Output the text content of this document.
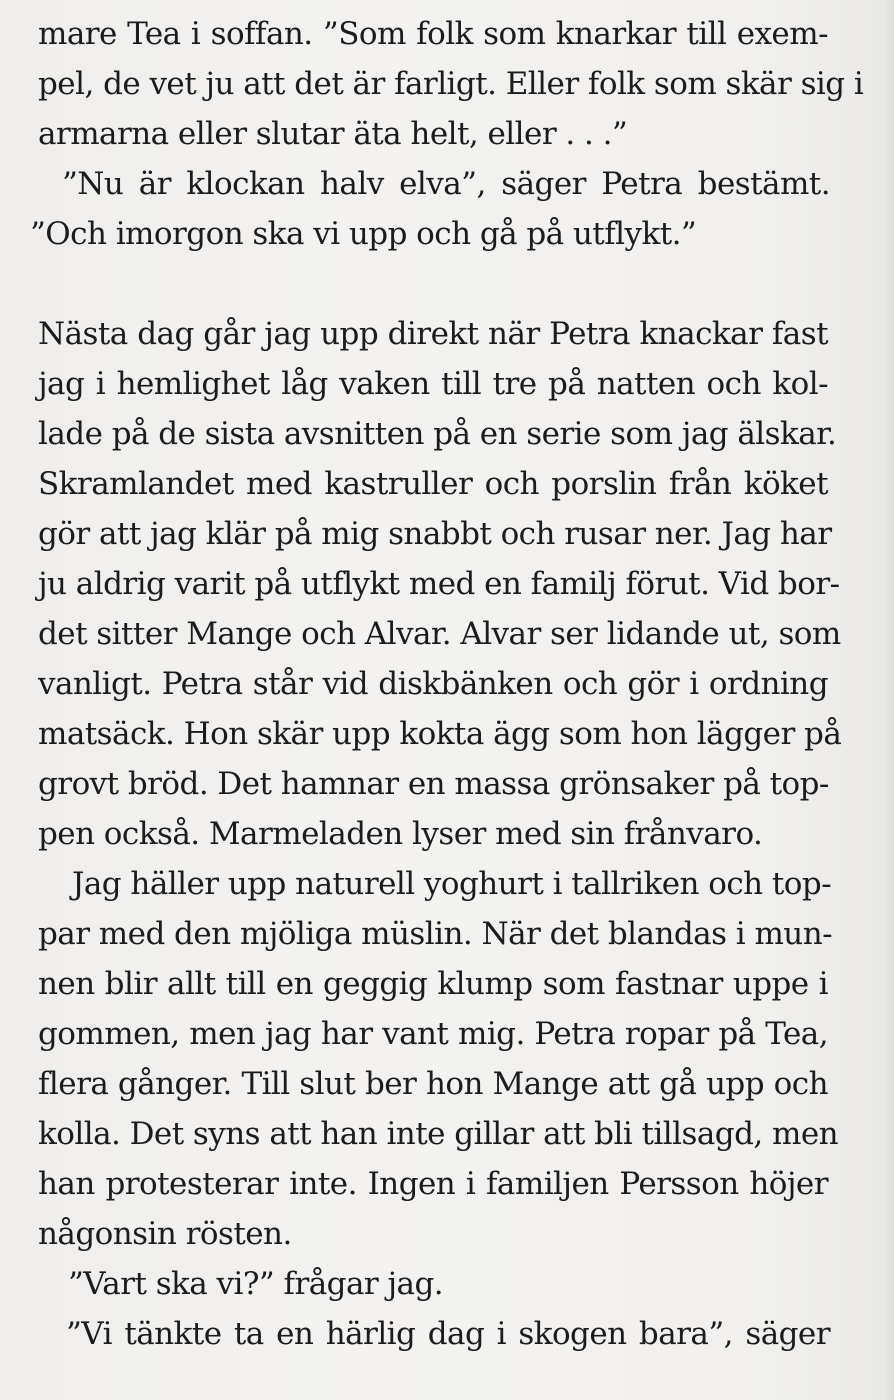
mare Tea i soffan. ”Som folk som knarkar till exem-
pel, de vet ju att det är farligt. Eller folk som skär sig i
armarna eller slutar äta helt, eller . . .”
”Nu är klockan halv elva”, säger Petra bestämt.
”Och imorgon ska vi upp och gå på utflykt.”
Nästa dag går jag upp direkt när Petra knackar fast
jag i hemlighet låg vaken till tre på natten och kol-
lade på de sista avsnitten på en serie som jag älskar.
Skramlandet med kastruller och porslin från köket
gör att jag klär på mig snabbt och rusar ner. Jag har
ju aldrig varit på utflykt med en familj förut. Vid bor-
det sitter Mange och Alvar. Alvar ser lidande ut, som
vanligt. Petra står vid diskbänken och gör i ordning
matsäck. Hon skär upp kokta ägg som hon lägger på
grovt bröd. Det hamnar en massa grönsaker på top-
pen också. Marmeladen lyser med sin frånvaro.
Jag häller upp naturell yoghurt i tallriken och top-
par med den mjöliga müslin. När det blandas i mun-
nen blir allt till en geggig klump som fastnar uppe i
gommen, men jag har vant mig. Petra ropar på Tea,
flera gånger. Till slut ber hon Mange att gå upp och
kolla. Det syns att han inte gillar att bli tillsagd, men
han protesterar inte. Ingen i familjen Persson höjer
någonsin rösten.
”Vart ska vi?” frågar jag.
”Vi tänkte ta en härlig dag i skogen bara”, säger
